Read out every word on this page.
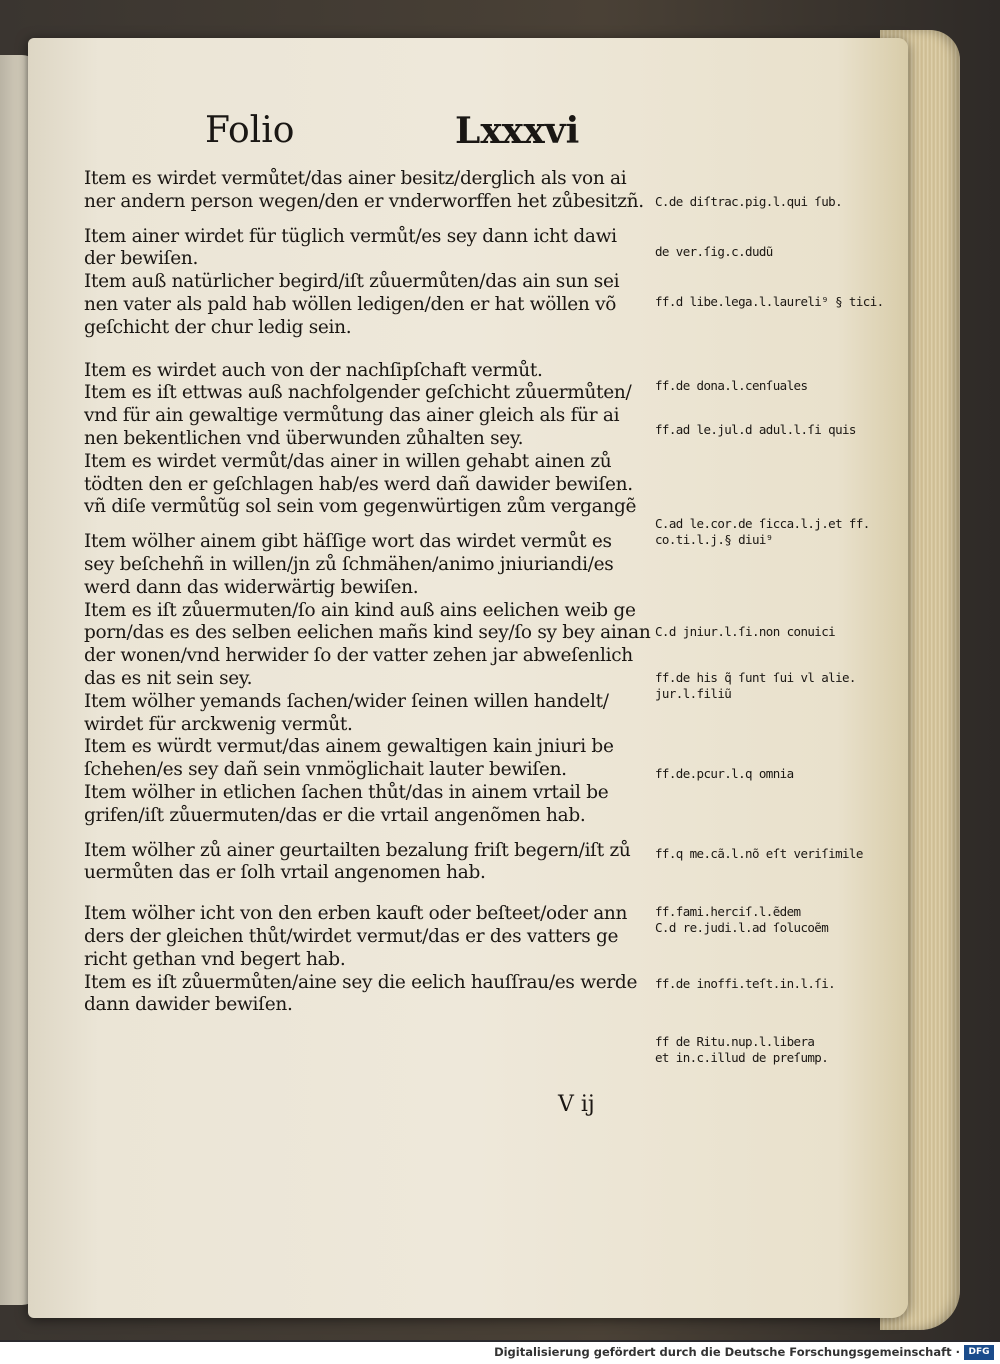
Folio	Lxxxvi
Item es wirdet vermůtet/das ainer besitz/derglich als von ai
ner andern person wegen/den er vnderworffen het zůbesitzñ.
Item ainer wirdet für tüglich vermůt/es sey dann icht dawi
der bewiſen.
Item auß natürlicher begird/iſt zůuermůten/das ain sun sei
nen vater als pald hab wöllen ledigen/den er hat wöllen võ
geſchicht der chur ledig sein.
Item es wirdet auch von der nachſipſchaft vermůt.
Item es iſt ettwas auß nachfolgender geſchicht zůuermůten/
vnd für ain gewaltige vermůtung das ainer gleich als für ai
nen bekentlichen vnd überwunden zůhalten sey.
Item es wirdet vermůt/das ainer in willen gehabt ainen zů
tödten den er geſchlagen hab/es werd dañ dawider bewiſen.
vñ diſe vermůtũg sol sein vom gegenwürtigen zům vergangẽ
Item wölher ainem gibt häſſige wort das wirdet vermůt es
sey beſchehñ in willen/jn zů ſchmähen/animo jniuriandi/es
werd dann das widerwärtig bewiſen.
Item es iſt zůuermuten/ſo ain kind auß ains eelichen weib ge
porn/das es des selben eelichen mañs kind sey/ſo sy bey ainan
der wonen/vnd herwider ſo der vatter zehen jar abweſenlich
das es nit sein sey.
Item wölher yemands ſachen/wider ſeinen willen handelt/
wirdet für arckwenig vermůt.
Item es würdt vermut/das ainem gewaltigen kain jniuri be
ſchehen/es sey dañ sein vnmöglichait lauter bewiſen.
Item wölher in etlichen ſachen thůt/das in ainem vrtail be
grifen/iſt zůuermuten/das er die vrtail angenõmen hab.
Item wölher zů ainer geurtailten bezalung friſt begern/iſt zů
uermůten das er ſolh vrtail angenomen hab.
Item wölher icht von den erben kauft oder beſteet/oder ann
ders der gleichen thůt/wirdet vermut/das er des vatters ge
richt gethan vnd begert hab.
Item es iſt zůuermůten/aine sey die eelich hauſſrau/es werde
dann dawider bewiſen.
C.de diſtrac.pig.l.qui ſub.
de ver.ſig.c.dudũ
ff.d libe.lega.l.laureli⁹ § tici.
ff.de dona.l.cenſuales
ff.ad le.jul.d adul.l.ſi quis
C.ad le.cor.de ſicca.l.j.et ff.
co.ti.l.j.§ diui⁹
C.d jniur.l.ſi.non conuici
ff.de his q̃ ſunt ſui vl alie.
jur.l.filiũ
ff.de.pcur.l.q omnia
ff.q me.cã.l.nõ eſt veriſimile
ff.fami.herciſ.l.ẽdem
C.d re.judi.l.ad ſolucoẽm
ff.de inoffi.teſt.in.l.ſi.
ff de Ritu.nup.l.libera
et in.c.illud de preſump.
V ij
Digitalisierung gefördert durch die Deutsche Forschungsgemeinschaft · DFG
